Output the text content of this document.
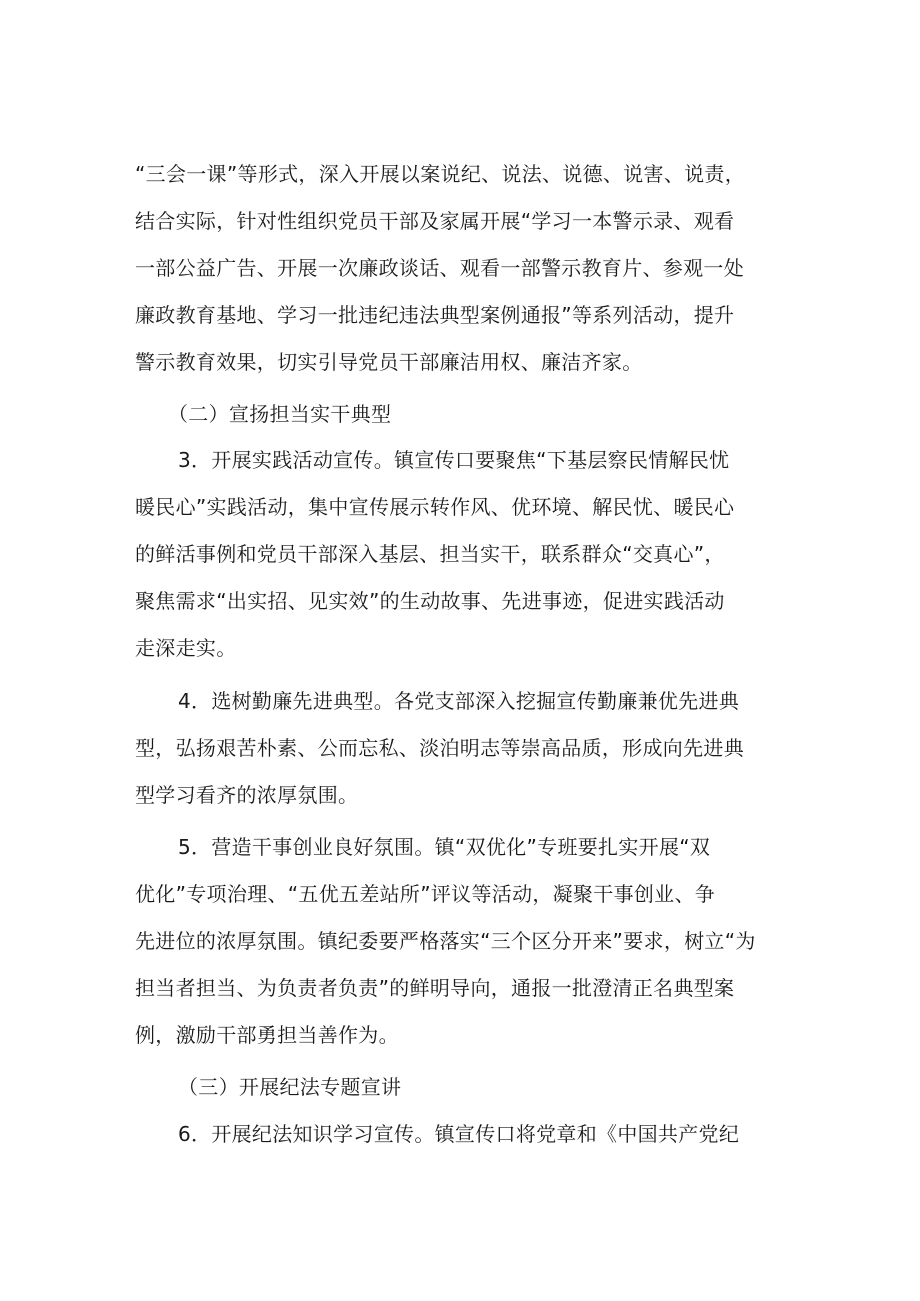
“三会一课”等形式，深入开展以案说纪、说法、说德、说害、说责，
结合实际，针对性组织党员干部及家属开展“学习一本警示录、观看
一部公益广告、开展一次廉政谈话、观看一部警示教育片、参观一处
廉政教育基地、学习一批违纪违法典型案例通报”等系列活动，提升
警示教育效果，切实引导党员干部廉洁用权、廉洁齐家。
（二）宣扬担当实干典型
3．开展实践活动宣传。镇宣传口要聚焦“下基层察民情解民忧
暖民心”实践活动，集中宣传展示转作风、优环境、解民忧、暖民心
的鲜活事例和党员干部深入基层、担当实干，联系群众“交真心”，
聚焦需求“出实招、见实效”的生动故事、先进事迹，促进实践活动
走深走实。
4．选树勤廉先进典型。各党支部深入挖掘宣传勤廉兼优先进典
型，弘扬艰苦朴素、公而忘私、淡泊明志等崇高品质，形成向先进典
型学习看齐的浓厚氛围。
5．营造干事创业良好氛围。镇“双优化”专班要扎实开展“双
优化”专项治理、“五优五差站所”评议等活动，凝聚干事创业、争
先进位的浓厚氛围。镇纪委要严格落实“三个区分开来”要求，树立“为
担当者担当、为负责者负责”的鲜明导向，通报一批澄清正名典型案
例，激励干部勇担当善作为。
（三）开展纪法专题宣讲
6．开展纪法知识学习宣传。镇宣传口将党章和《中国共产党纪
